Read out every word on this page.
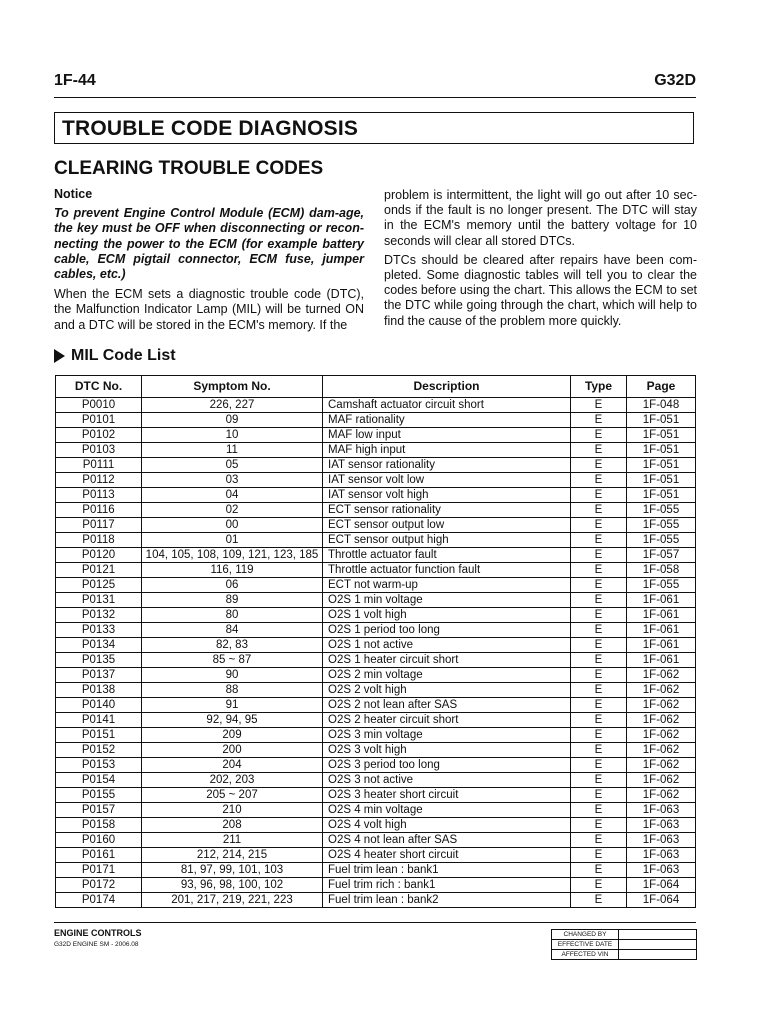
1F-44	G32D
TROUBLE CODE DIAGNOSIS
CLEARING TROUBLE CODES

Notice

To prevent Engine Control Module (ECM) dam-age, the key must be OFF when disconnecting or recon-necting the power to the ECM (for example battery cable, ECM pigtail connector, ECM fuse, jumper cables, etc.)

When the ECM sets a diagnostic trouble code (DTC), the Malfunction Indicator Lamp (MIL) will be turned ON and a DTC will be stored in the ECM's memory. If the

problem is intermittent, the light will go out after 10 sec-onds if the fault is no longer present. The DTC will stay in the ECM's memory until the battery voltage for 10 seconds will clear all stored DTCs.

DTCs should be cleared after repairs have been com-pleted. Some diagnostic tables will tell you to clear the codes before using the chart. This allows the ECM to set the DTC while going through the chart, which will help to find the cause of the problem more quickly.

MIL Code List
DTC No.	Symptom No.	Description	Type	Page
P0010	226, 227	Camshaft actuator circuit short	E	1F-048
P0101	09	MAF rationality	E	1F-051
P0102	10	MAF low input	E	1F-051
P0103	11	MAF high input	E	1F-051
P0111	05	IAT sensor rationality	E	1F-051
P0112	03	IAT sensor volt low	E	1F-051
P0113	04	IAT sensor volt high	E	1F-051
P0116	02	ECT sensor rationality	E	1F-055
P0117	00	ECT sensor output low	E	1F-055
P0118	01	ECT sensor output high	E	1F-055
P0120	104, 105, 108, 109, 121, 123, 185	Throttle actuator fault	E	1F-057
P0121	116, 119	Throttle actuator function fault	E	1F-058
P0125	06	ECT not warm-up	E	1F-055
P0131	89	O2S 1 min voltage	E	1F-061
P0132	80	O2S 1 volt high	E	1F-061
P0133	84	O2S 1 period too long	E	1F-061
P0134	82, 83	O2S 1 not active	E	1F-061
P0135	85 ~ 87	O2S 1 heater circuit short	E	1F-061
P0137	90	O2S 2 min voltage	E	1F-062
P0138	88	O2S 2 volt high	E	1F-062
P0140	91	O2S 2 not lean after SAS	E	1F-062
P0141	92, 94, 95	O2S 2 heater circuit short	E	1F-062
P0151	209	O2S 3 min voltage	E	1F-062
P0152	200	O2S 3 volt high	E	1F-062
P0153	204	O2S 3 period too long	E	1F-062
P0154	202, 203	O2S 3 not active	E	1F-062
P0155	205 ~ 207	O2S 3 heater short circuit	E	1F-062
P0157	210	O2S 4 min voltage	E	1F-063
P0158	208	O2S 4 volt high	E	1F-063
P0160	211	O2S 4 not lean after SAS	E	1F-063
P0161	212, 214, 215	O2S 4 heater short circuit	E	1F-063
P0171	81, 97, 99, 101, 103	Fuel trim lean : bank1	E	1F-063
P0172	93, 96, 98, 100, 102	Fuel trim rich : bank1	E	1F-064
P0174	201, 217, 219, 221, 223	Fuel trim lean : bank2	E	1F-064
ENGINE CONTROLS
G32D ENGINE SM - 2006.08
CHANGED BY	
EFFECTIVE DATE	
AFFECTED VIN	
